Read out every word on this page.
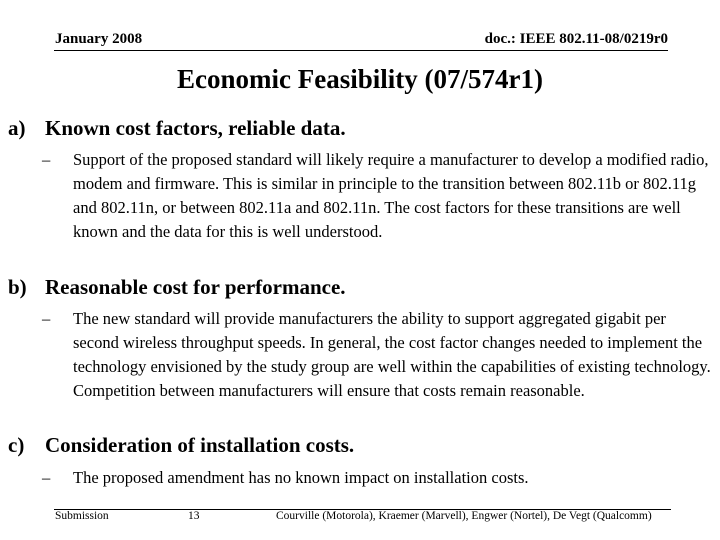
January 2008	doc.: IEEE 802.11-08/0219r0
Economic Feasibility (07/574r1)
a) Known cost factors, reliable data.
– Support of the proposed standard will likely require a manufacturer to develop a modified radio, modem and firmware. This is similar in principle to the transition between 802.11b or 802.11g and 802.11n, or between 802.11a and 802.11n. The cost factors for these transitions are well known and the data for this is well understood.
b) Reasonable cost for performance.
– The new standard will provide manufacturers the ability to support aggregated gigabit per second wireless throughput speeds. In general, the cost factor changes needed to implement the technology envisioned by the study group are well within the capabilities of existing technology. Competition between manufacturers will ensure that costs remain reasonable.
c) Consideration of installation costs.
– The proposed amendment has no known impact on installation costs.
Submission	13	Courville (Motorola), Kraemer (Marvell), Engwer (Nortel), De Vegt (Qualcomm)
